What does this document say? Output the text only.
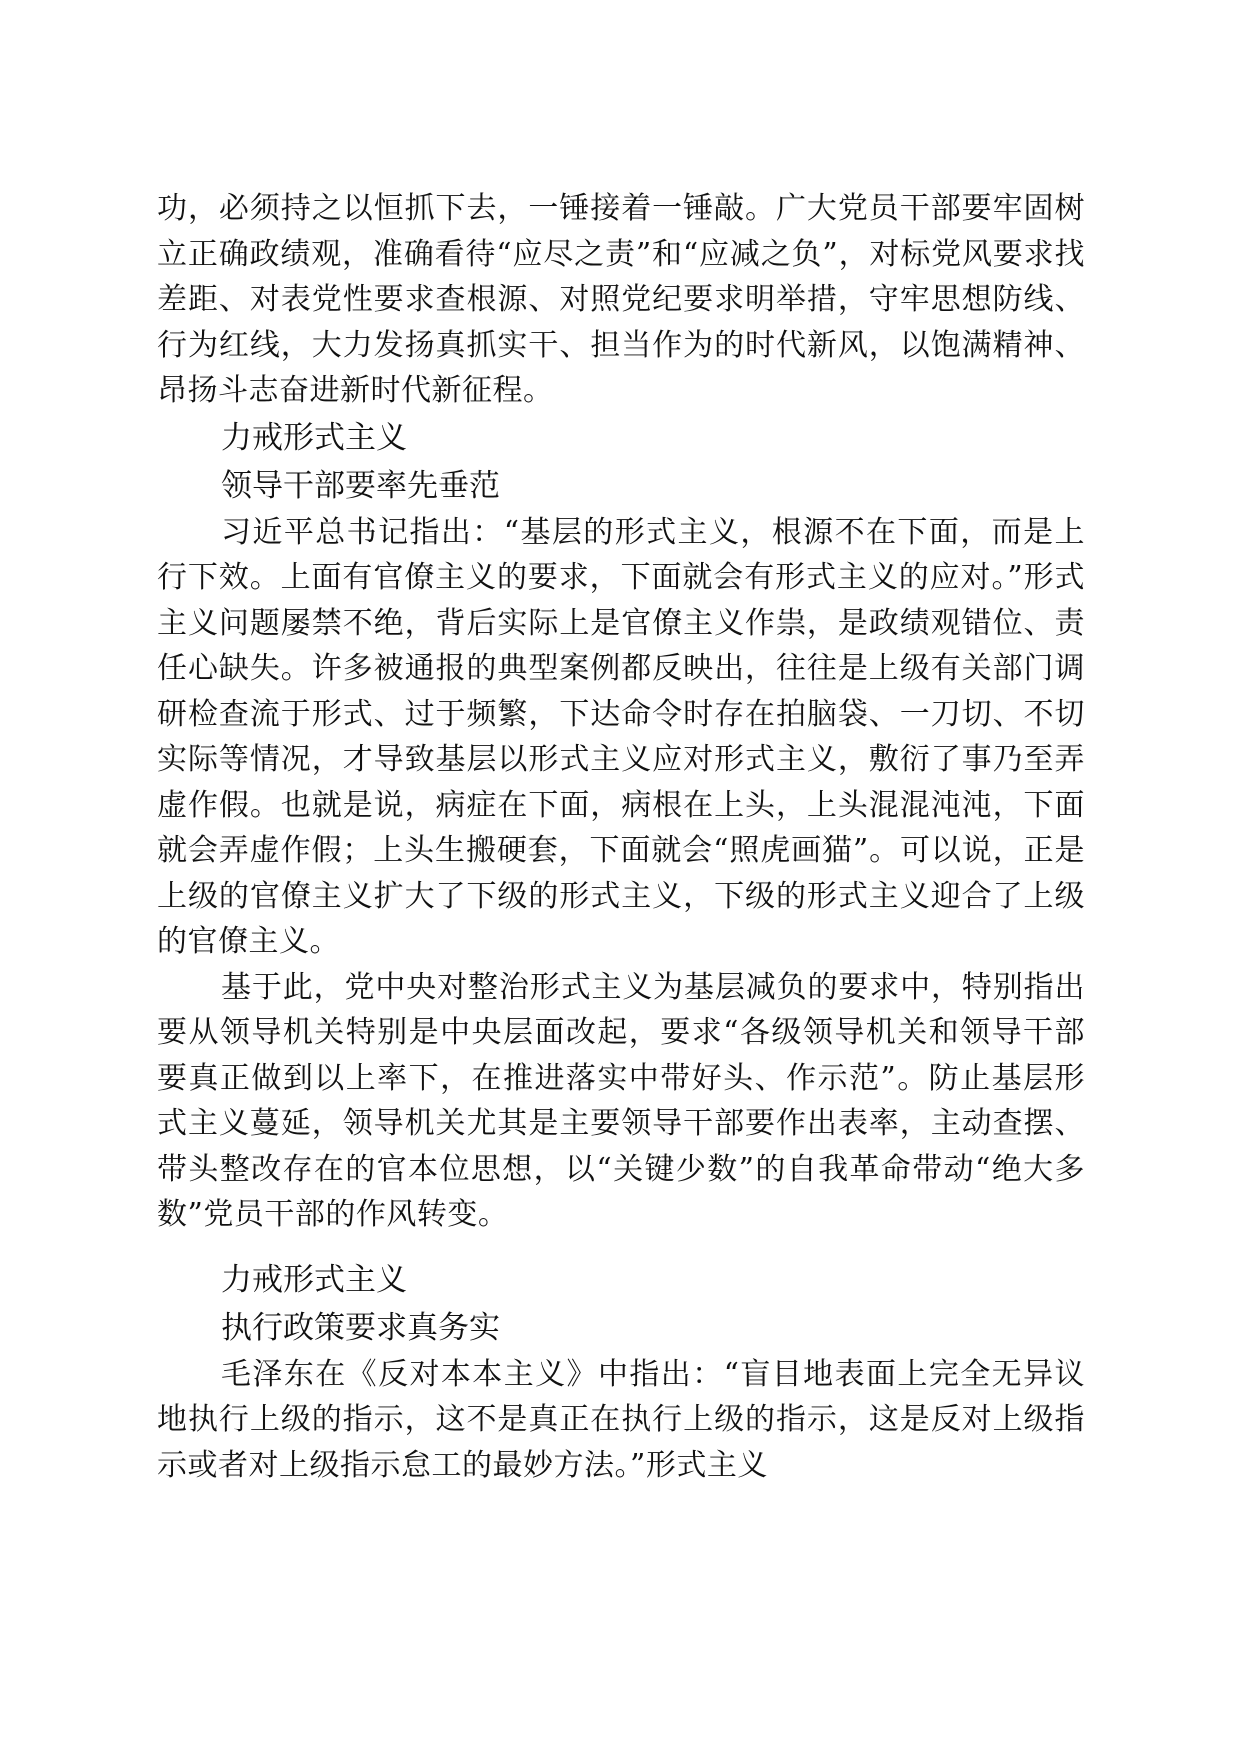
功，必须持之以恒抓下去，一锤接着一锤敲。广大党员干部要牢固树立正确政绩观，准确看待“应尽之责”和“应减之负”，对标党风要求找差距、对表党性要求查根源、对照党纪要求明举措，守牢思想防线、行为红线，大力发扬真抓实干、担当作为的时代新风，以饱满精神、昂扬斗志奋进新时代新征程。

力戒形式主义
领导干部要率先垂范

习近平总书记指出：“基层的形式主义，根源不在下面，而是上行下效。上面有官僚主义的要求，下面就会有形式主义的应对。”形式主义问题屡禁不绝，背后实际上是官僚主义作祟，是政绩观错位、责任心缺失。许多被通报的典型案例都反映出，往往是上级有关部门调研检查流于形式、过于频繁，下达命令时存在拍脑袋、一刀切、不切实际等情况，才导致基层以形式主义应对形式主义，敷衍了事乃至弄虚作假。也就是说，病症在下面，病根在上头，上头混混沌沌，下面就会弄虚作假；上头生搬硬套，下面就会“照虎画猫”。可以说，正是上级的官僚主义扩大了下级的形式主义，下级的形式主义迎合了上级的官僚主义。

基于此，党中央对整治形式主义为基层减负的要求中，特别指出要从领导机关特别是中央层面改起，要求“各级领导机关和领导干部要真正做到以上率下，在推进落实中带好头、作示范”。防止基层形式主义蔓延，领导机关尤其是主要领导干部要作出表率，主动查摆、带头整改存在的官本位思想，以“关键少数”的自我革命带动“绝大多数”党员干部的作风转变。

力戒形式主义
执行政策要求真务实

毛泽东在《反对本本主义》中指出：“盲目地表面上完全无异议地执行上级的指示，这不是真正在执行上级的指示，这是反对上级指示或者对上级指示怠工的最妙方法。”形式主义
